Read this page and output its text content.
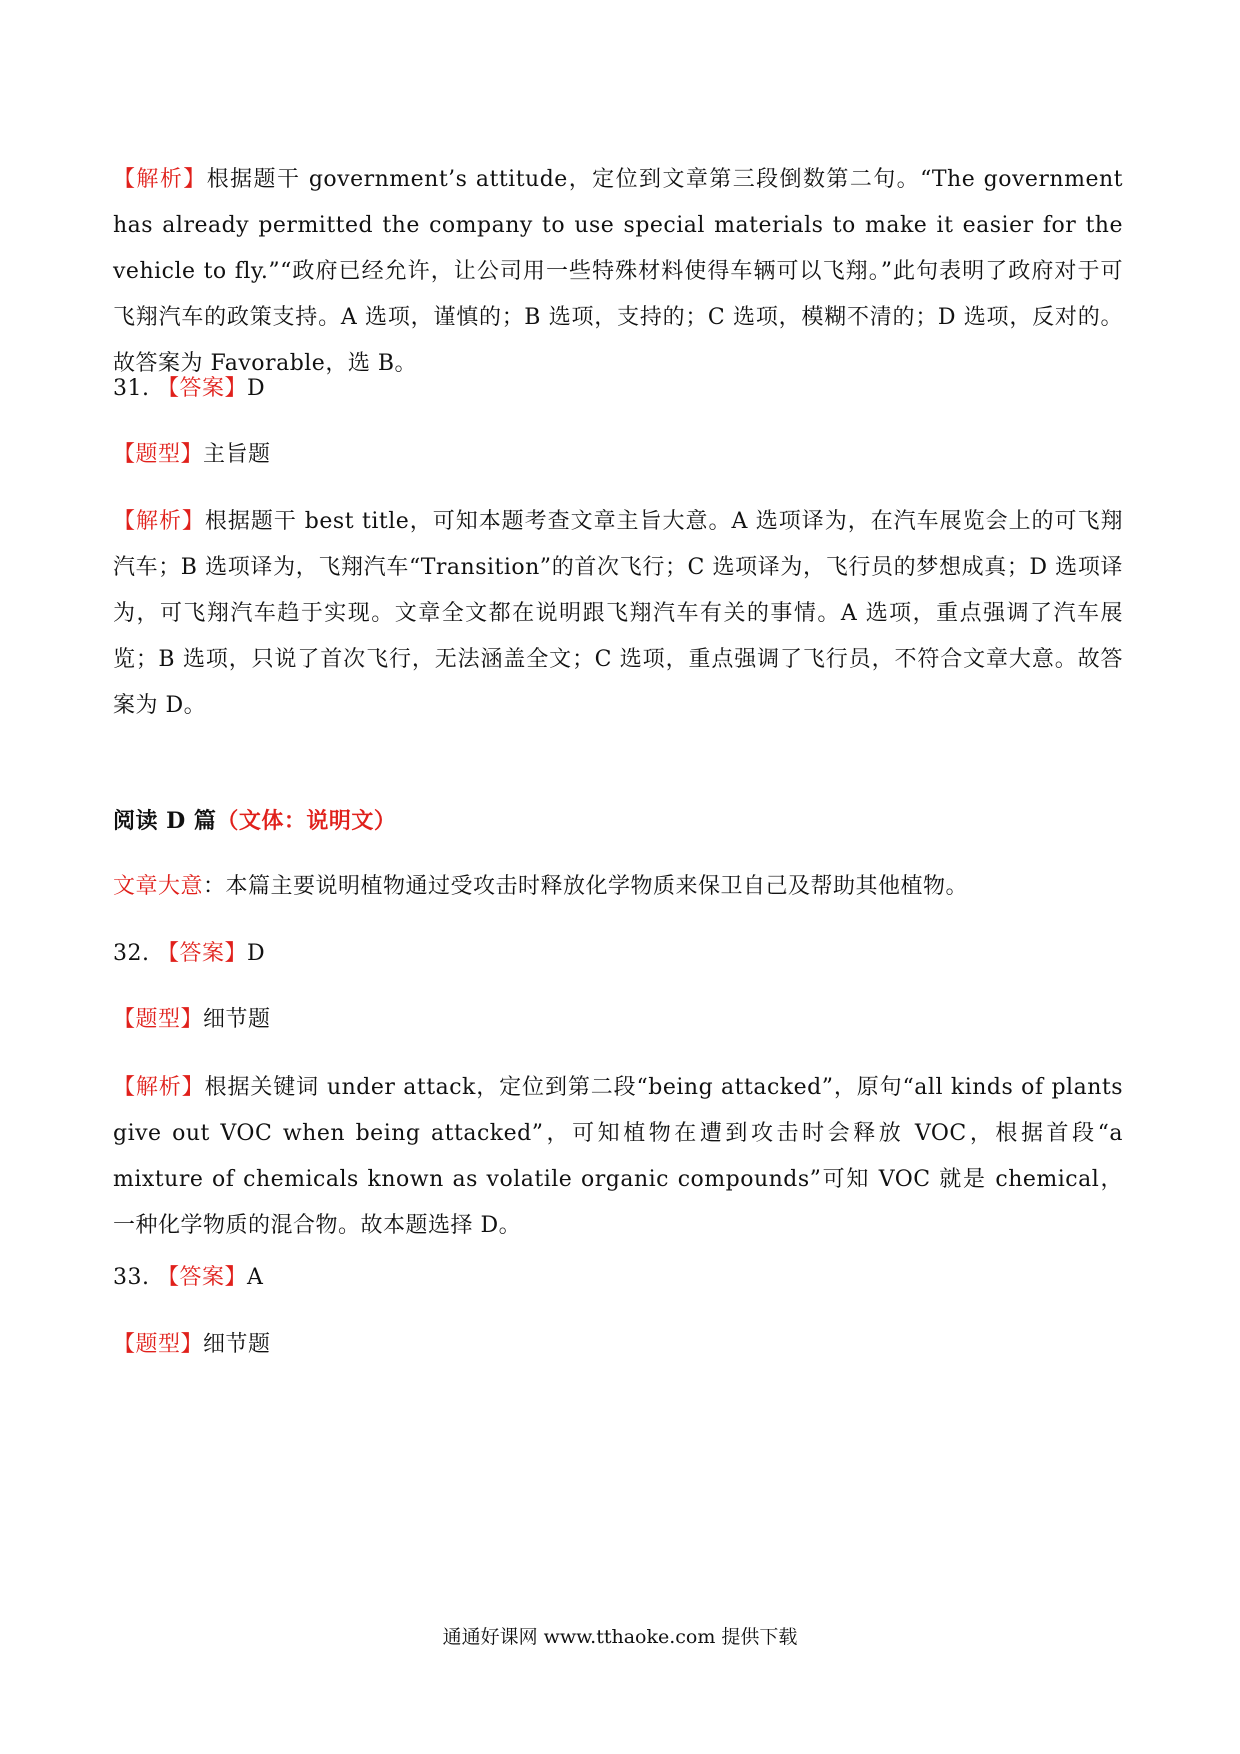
【解析】根据题干 government’s attitude，定位到文章第三段倒数第二句。“The government has already permitted the company to use special materials to make it easier for the vehicle to fly.”“政府已经允许，让公司用一些特殊材料使得车辆可以飞翔。”此句表明了政府对于可飞翔汽车的政策支持。A 选项，谨慎的；B 选项，支持的；C 选项，模糊不清的；D 选项，反对的。故答案为 Favorable，选 B。
31. 【答案】D
【题型】主旨题
【解析】根据题干 best title，可知本题考查文章主旨大意。A 选项译为，在汽车展览会上的可飞翔汽车；B 选项译为，飞翔汽车“Transition”的首次飞行；C 选项译为，飞行员的梦想成真；D 选项译为，可飞翔汽车趋于实现。文章全文都在说明跟飞翔汽车有关的事情。A 选项，重点强调了汽车展览；B 选项，只说了首次飞行，无法涵盖全文；C 选项，重点强调了飞行员，不符合文章大意。故答案为 D。
阅读 D 篇（文体：说明文）
文章大意：本篇主要说明植物通过受攻击时释放化学物质来保卫自己及帮助其他植物。
32. 【答案】D
【题型】细节题
【解析】根据关键词 under attack，定位到第二段“being attacked”，原句“all kinds of plants give out VOC when being attacked”，可知植物在遭到攻击时会释放 VOC，根据首段“a mixture of chemicals known as volatile organic compounds”可知 VOC 就是 chemical，一种化学物质的混合物。故本题选择 D。
33. 【答案】A
【题型】细节题
通通好课网 www.tthaoke.com 提供下载
